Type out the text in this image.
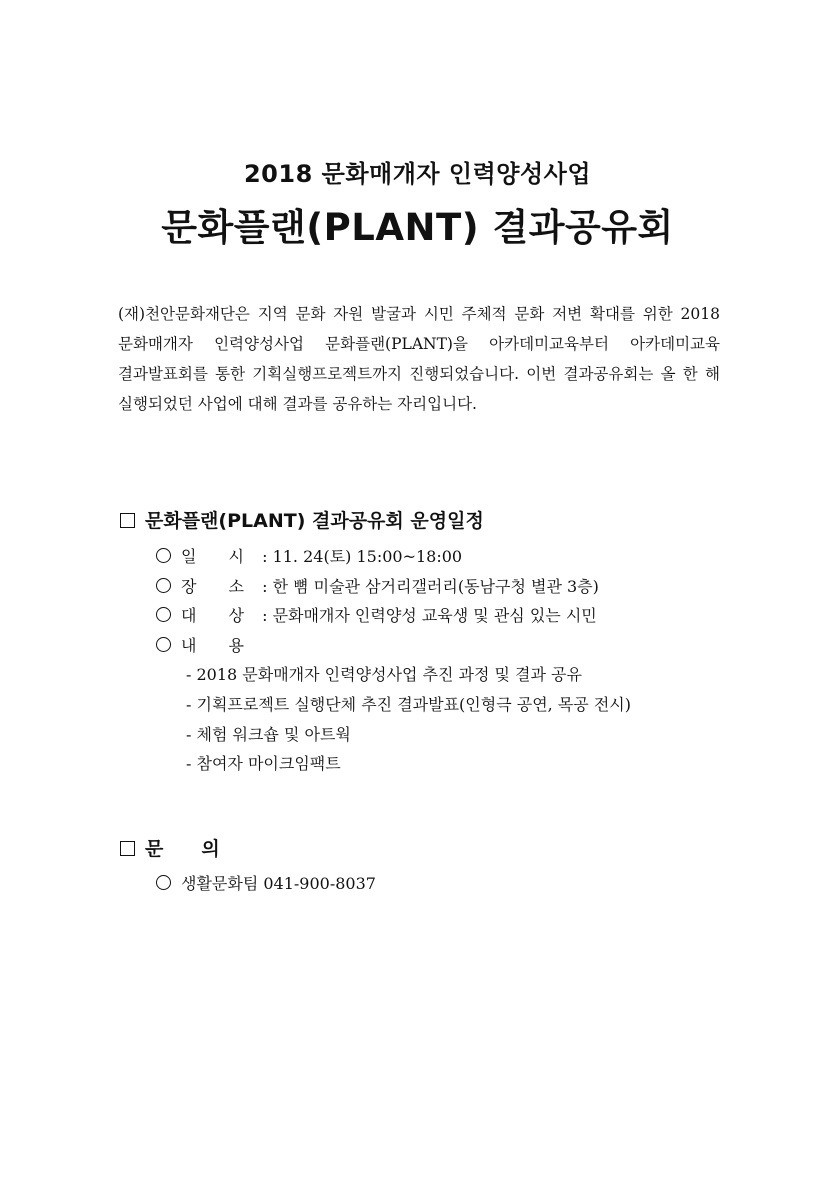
2018 문화매개자 인력양성사업
문화플랜(PLANT) 결과공유회

(재)천안문화재단은 지역 문화 자원 발굴과 시민 주체적 문화 저변 확대를 위한 2018 문화매개자 인력양성사업 문화플랜(PLANT)을 아카데미교육부터 아카데미교육 결과발표회를 통한 기획실행프로젝트까지 진행되었습니다. 이번 결과공유회는 올 한 해 실행되었던 사업에 대해 결과를 공유하는 자리입니다.

문화플랜(PLANT) 결과공유회 운영일정
일　　시 : 11. 24(토) 15:00~18:00
장　　소 : 한 뼘 미술관 삼거리갤러리(동남구청 별관 3층)
대　　상 : 문화매개자 인력양성 교육생 및 관심 있는 시민
내　　용
- 2018 문화매개자 인력양성사업 추진 과정 및 결과 공유
- 기획프로젝트 실행단체 추진 결과발표(인형극 공연, 목공 전시)
- 체험 워크숍 및 아트웍
- 참여자 마이크임팩트
문　　의
생활문화팀 041-900-8037
